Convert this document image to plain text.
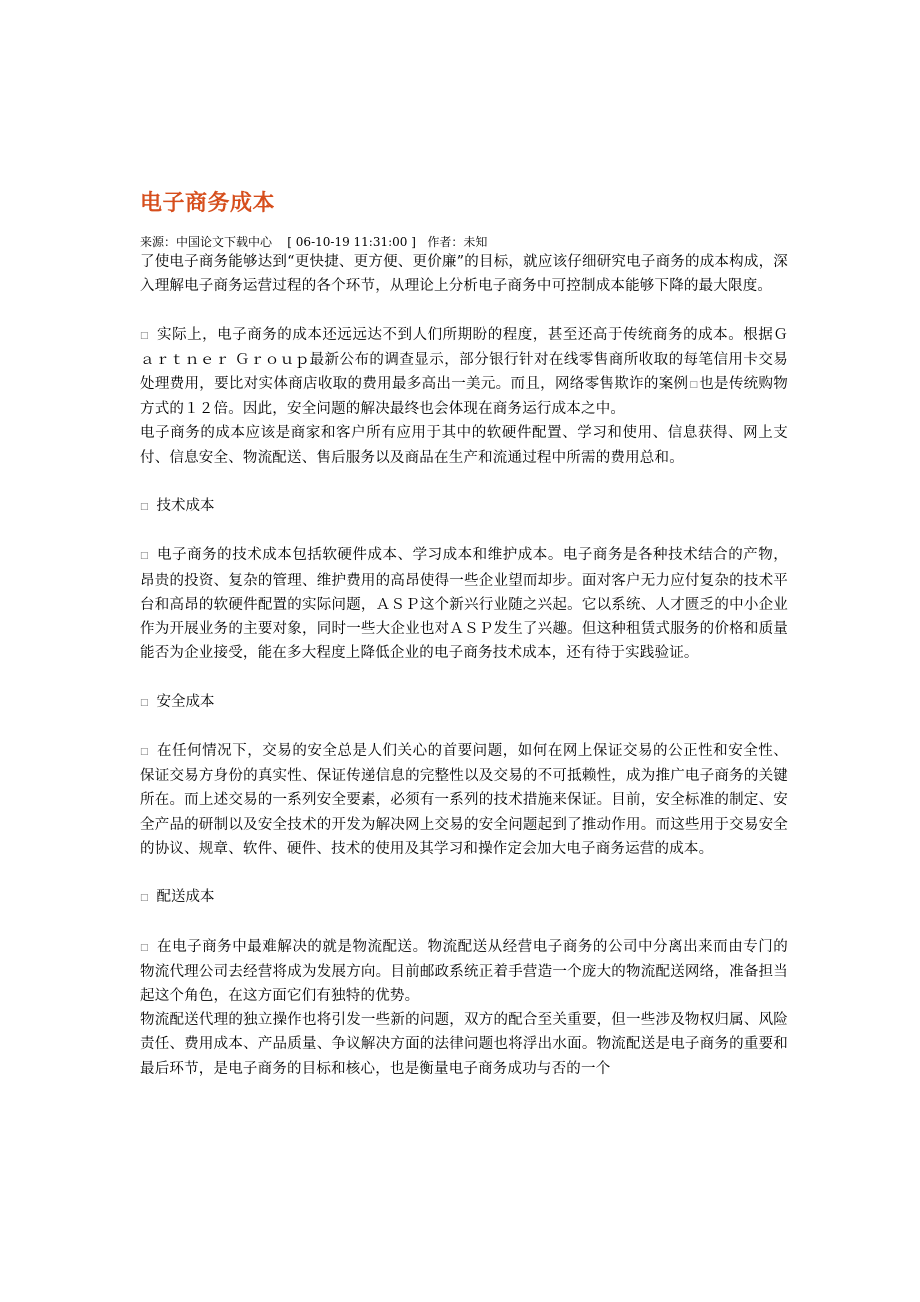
电子商务成本
来源：中国论文下载中心 [ 06-10-19 11:31:00 ] 作者：未知

了使电子商务能够达到“更快捷、更方便、更价廉”的目标，就应该仔细研究电子商务的成本构成，深入理解电子商务运营过程的各个环节，从理论上分析电子商务中可控制成本能够下降的最大限度。

□ 实际上，电子商务的成本还远远达不到人们所期盼的程度，甚至还高于传统商务的成本。根据Ｇａｒｔｎｅｒ Ｇｒｏｕｐ最新公布的调查显示，部分银行针对在线零售商所收取的每笔信用卡交易处理费用，要比对实体商店收取的费用最多高出一美元。而且，网络零售欺诈的案例□也是传统购物方式的１２倍。因此，安全问题的解决最终也会体现在商务运行成本之中。

电子商务的成本应该是商家和客户所有应用于其中的软硬件配置、学习和使用、信息获得、网上支付、信息安全、物流配送、售后服务以及商品在生产和流通过程中所需的费用总和。

□ 技术成本

□ 电子商务的技术成本包括软硬件成本、学习成本和维护成本。电子商务是各种技术结合的产物，昂贵的投资、复杂的管理、维护费用的高昂使得一些企业望而却步。面对客户无力应付复杂的技术平台和高昂的软硬件配置的实际问题，ＡＳＰ这个新兴行业随之兴起。它以系统、人才匮乏的中小企业作为开展业务的主要对象，同时一些大企业也对ＡＳＰ发生了兴趣。但这种租赁式服务的价格和质量能否为企业接受，能在多大程度上降低企业的电子商务技术成本，还有待于实践验证。

□ 安全成本

□ 在任何情况下，交易的安全总是人们关心的首要问题，如何在网上保证交易的公正性和安全性、保证交易方身份的真实性、保证传递信息的完整性以及交易的不可抵赖性，成为推广电子商务的关键所在。而上述交易的一系列安全要素，必须有一系列的技术措施来保证。目前，安全标准的制定、安全产品的研制以及安全技术的开发为解决网上交易的安全问题起到了推动作用。而这些用于交易安全的协议、规章、软件、硬件、技术的使用及其学习和操作定会加大电子商务运营的成本。

□ 配送成本

□ 在电子商务中最难解决的就是物流配送。物流配送从经营电子商务的公司中分离出来而由专门的物流代理公司去经营将成为发展方向。目前邮政系统正着手营造一个庞大的物流配送网络，准备担当起这个角色，在这方面它们有独特的优势。

物流配送代理的独立操作也将引发一些新的问题，双方的配合至关重要，但一些涉及物权归属、风险责任、费用成本、产品质量、争议解决方面的法律问题也将浮出水面。物流配送是电子商务的重要和最后环节，是电子商务的目标和核心，也是衡量电子商务成功与否的一个
